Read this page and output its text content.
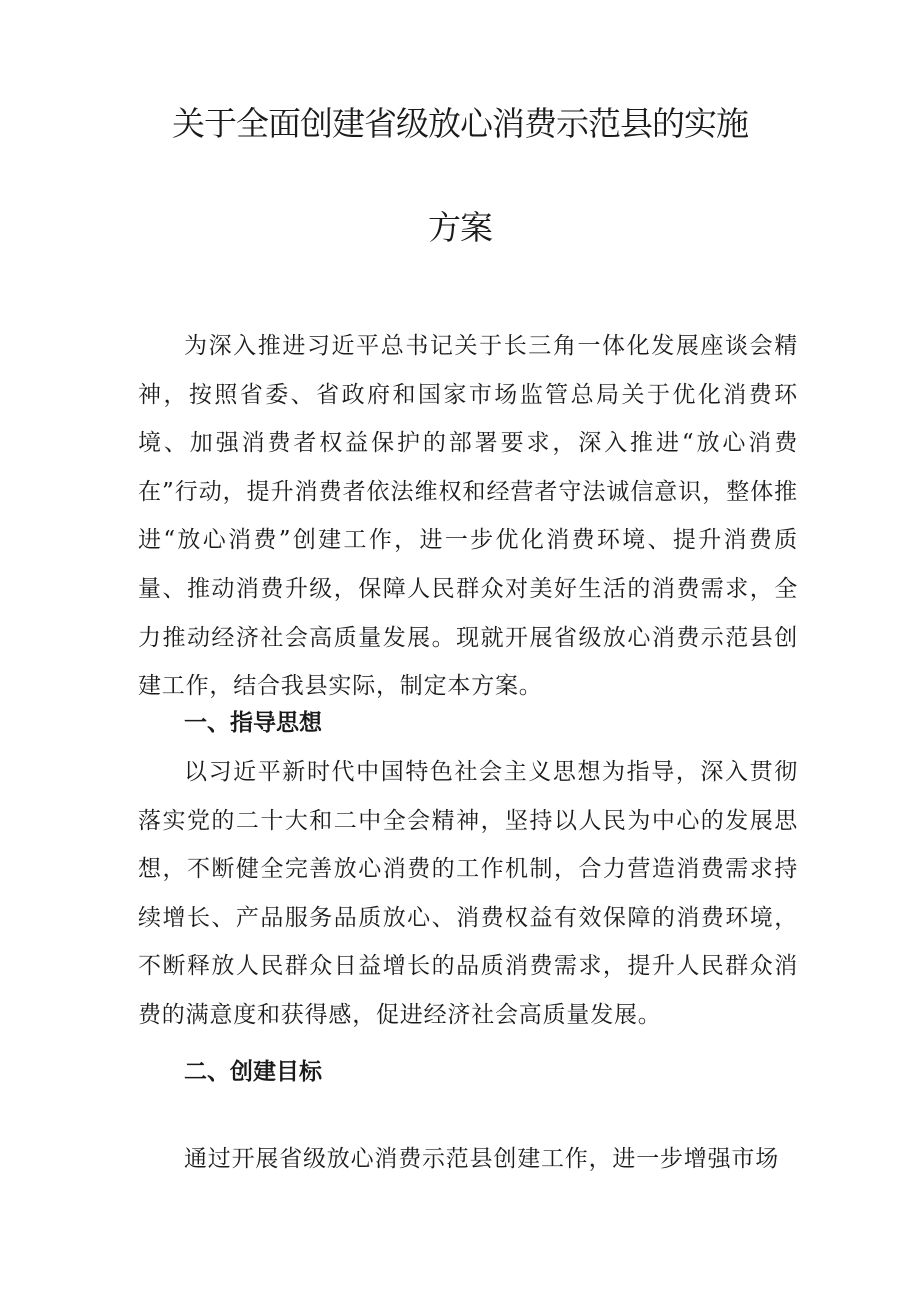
关于全面创建省级放心消费示范县的实施
方案

为深入推进习近平总书记关于长三角一体化发展座谈会精神，按照省委、省政府和国家市场监管总局关于优化消费环境、加强消费者权益保护的部署要求，深入推进“放心消费在”行动，提升消费者依法维权和经营者守法诚信意识，整体推进“放心消费”创建工作，进一步优化消费环境、提升消费质量、推动消费升级，保障人民群众对美好生活的消费需求，全力推动经济社会高质量发展。现就开展省级放心消费示范县创建工作，结合我县实际，制定本方案。

一、指导思想

以习近平新时代中国特色社会主义思想为指导，深入贯彻落实党的二十大和二中全会精神，坚持以人民为中心的发展思想，不断健全完善放心消费的工作机制，合力营造消费需求持续增长、产品服务品质放心、消费权益有效保障的消费环境，不断释放人民群众日益增长的品质消费需求，提升人民群众消费的满意度和获得感，促进经济社会高质量发展。

二、创建目标

通过开展省级放心消费示范县创建工作，进一步增强市场
